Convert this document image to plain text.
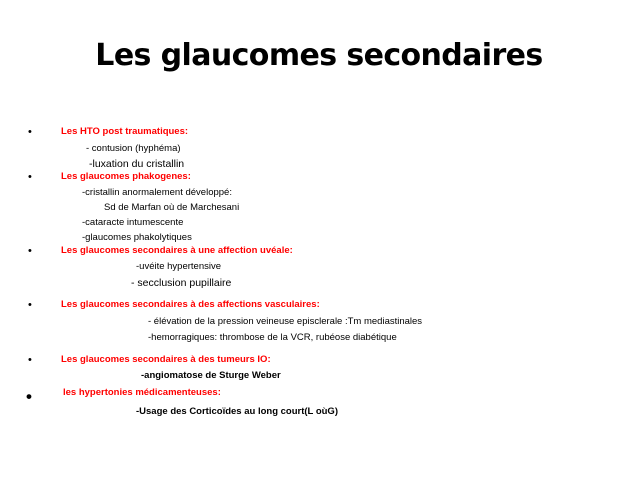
Les glaucomes secondaires
•	Les HTO post traumatiques:
- contusion (hyphéma)
-luxation du cristallin
•	Les glaucomes phakogenes:
-cristallin anormalement développé:
Sd de Marfan où de Marchesani
-cataracte intumescente
-glaucomes phakolytiques
•	Les glaucomes secondaires à une affection uvéale:
-uvéite hypertensive
- secclusion pupillaire
•	Les glaucomes secondaires à des affections vasculaires:
- élévation de la pression veineuse episclerale :Tm mediastinales
-hemorragiques: thrombose de la VCR, rubéose diabétique
•	Les glaucomes secondaires à des tumeurs IO:
-angiomatose de Sturge Weber
•	les hypertonies médicamenteuses:
-Usage des Corticoïdes au long court(L oùG)
